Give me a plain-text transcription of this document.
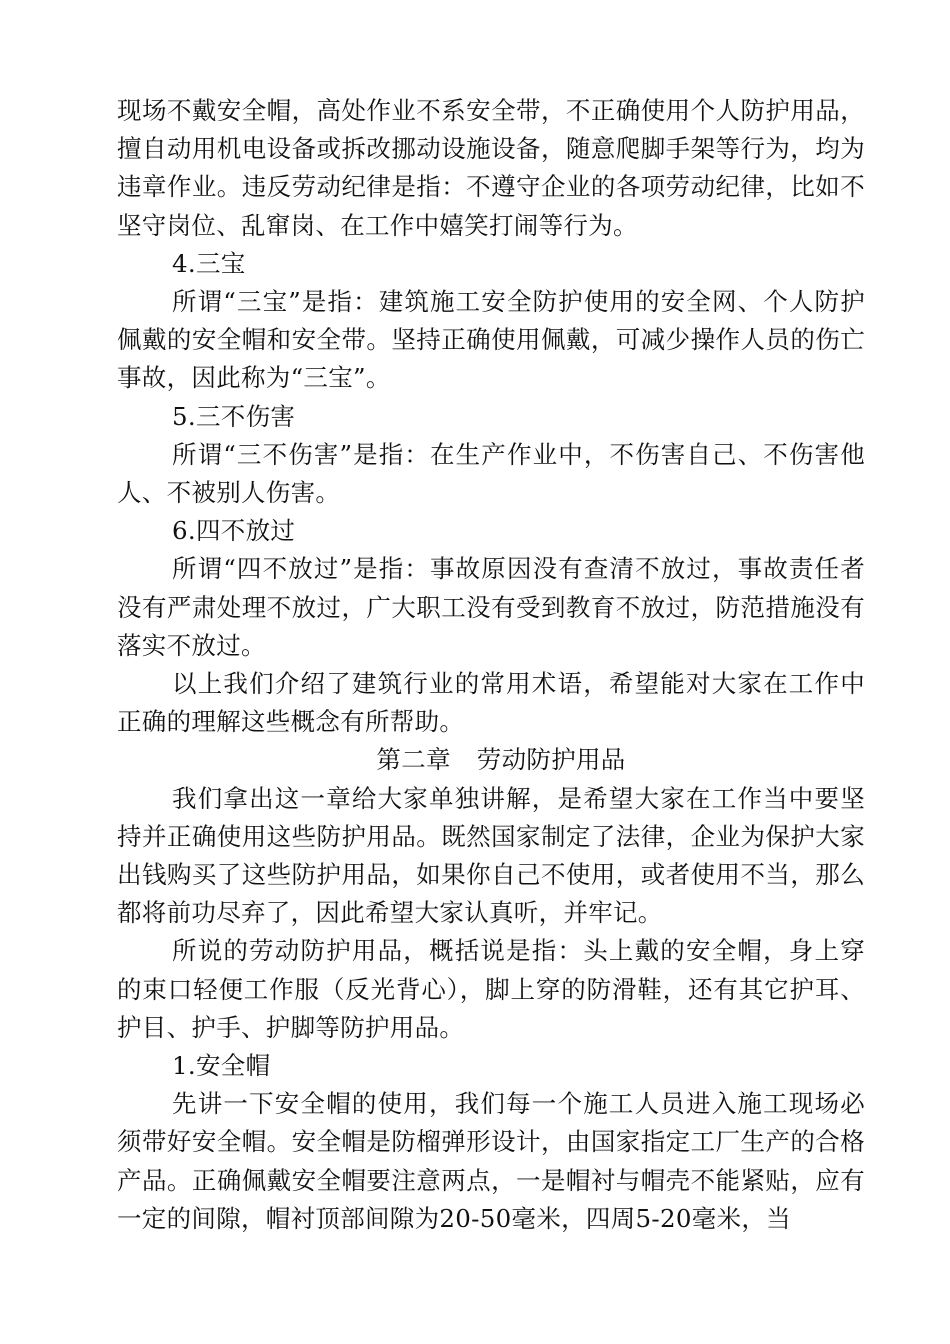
现场不戴安全帽，高处作业不系安全带，不正确使用个人防护用品，擅自动用机电设备或拆改挪动设施设备，随意爬脚手架等行为，均为违章作业。违反劳动纪律是指：不遵守企业的各项劳动纪律，比如不坚守岗位、乱窜岗、在工作中嬉笑打闹等行为。

4.三宝

所谓“三宝”是指：建筑施工安全防护使用的安全网、个人防护佩戴的安全帽和安全带。坚持正确使用佩戴，可减少操作人员的伤亡事故，因此称为“三宝”。

5.三不伤害

所谓“三不伤害”是指：在生产作业中，不伤害自己、不伤害他人、不被别人伤害。

6.四不放过

所谓“四不放过”是指：事故原因没有查清不放过，事故责任者没有严肃处理不放过，广大职工没有受到教育不放过，防范措施没有落实不放过。

以上我们介绍了建筑行业的常用术语，希望能对大家在工作中正确的理解这些概念有所帮助。

第二章 劳动防护用品

我们拿出这一章给大家单独讲解，是希望大家在工作当中要坚持并正确使用这些防护用品。既然国家制定了法律，企业为保护大家出钱购买了这些防护用品，如果你自己不使用，或者使用不当，那么都将前功尽弃了，因此希望大家认真听，并牢记。

所说的劳动防护用品，概括说是指：头上戴的安全帽，身上穿的束口轻便工作服（反光背心），脚上穿的防滑鞋，还有其它护耳、护目、护手、护脚等防护用品。

1.安全帽

先讲一下安全帽的使用，我们每一个施工人员进入施工现场必须带好安全帽。安全帽是防榴弹形设计，由国家指定工厂生产的合格产品。正确佩戴安全帽要注意两点，一是帽衬与帽壳不能紧贴，应有一定的间隙，帽衬顶部间隙为20-50毫米，四周5-20毫米，当
